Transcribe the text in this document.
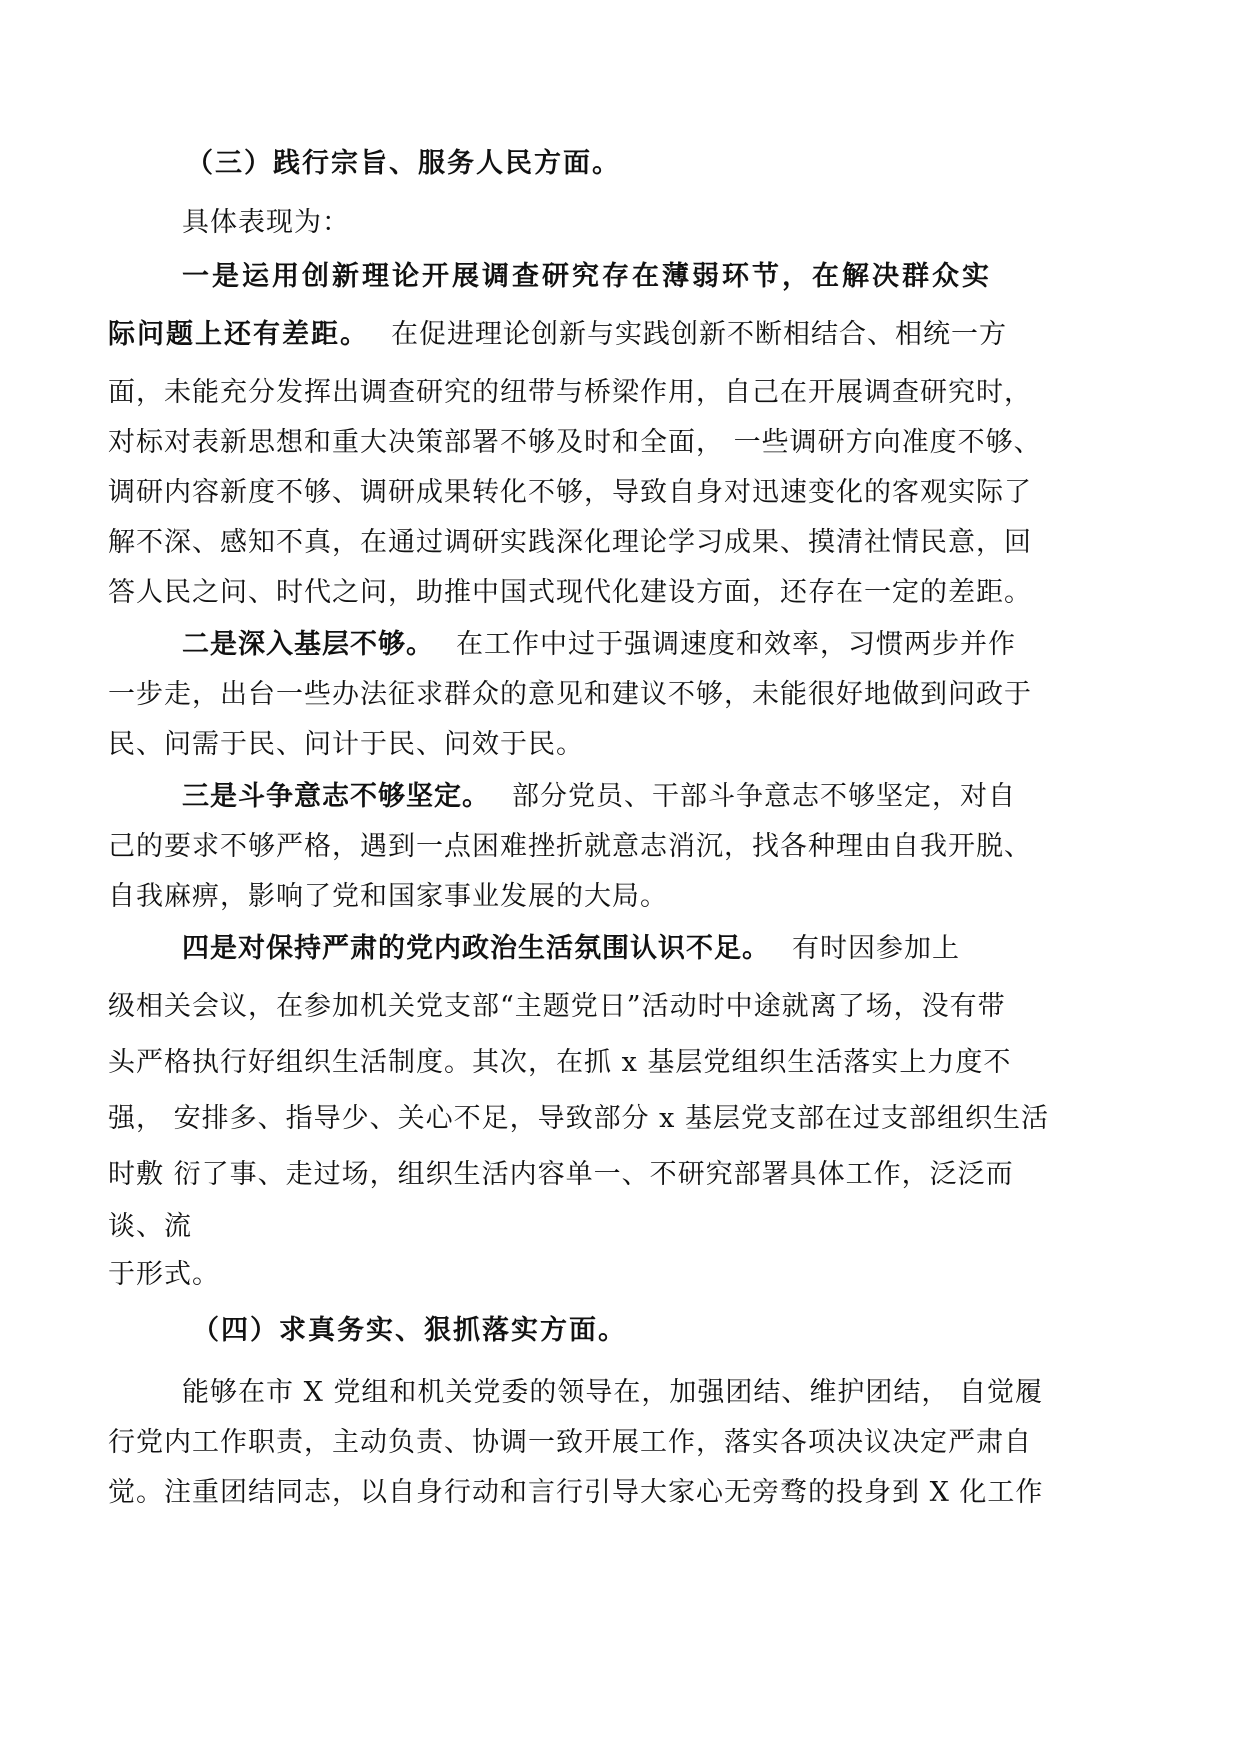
（三）践行宗旨、服务人民方面。
具体表现为：
一是运用创新理论开展调查研究存在薄弱环节，在解决群众实
际问题上还有差距。 在促进理论创新与实践创新不断相结合、相统一方
面，未能充分发挥出调查研究的纽带与桥梁作用，自己在开展调查研究时，
对标对表新思想和重大决策部署不够及时和全面， 一些调研方向准度不够、
调研内容新度不够、调研成果转化不够，导致自身对迅速变化的客观实际了
解不深、感知不真，在通过调研实践深化理论学习成果、摸清社情民意，回
答人民之问、时代之问，助推中国式现代化建设方面，还存在一定的差距。
二是深入基层不够。 在工作中过于强调速度和效率，习惯两步并作
一步走，出台一些办法征求群众的意见和建议不够，未能很好地做到问政于
民、问需于民、问计于民、问效于民。
三是斗争意志不够坚定。 部分党员、干部斗争意志不够坚定，对自
己的要求不够严格，遇到一点困难挫折就意志消沉，找各种理由自我开脱、
自我麻痹，影响了党和国家事业发展的大局。
四是对保持严肃的党内政治生活氛围认识不足。 有时因参加上
级相关会议，在参加机关党支部“主题党日”活动时中途就离了场，没有带
头严格执行好组织生活制度。其次，在抓 x 基层党组织生活落实上力度不
强， 安排多、指导少、关心不足，导致部分 x 基层党支部在过支部组织生活
时敷 衍了事、走过场，组织生活内容单一、不研究部署具体工作，泛泛而
谈、流
于形式。
（四）求真务实、狠抓落实方面。
能够在市 X 党组和机关党委的领导在，加强团结、维护团结， 自觉履
行党内工作职责，主动负责、协调一致开展工作，落实各项决议决定严肃自
觉。注重团结同志，以自身行动和言行引导大家心无旁骛的投身到 X 化工作
